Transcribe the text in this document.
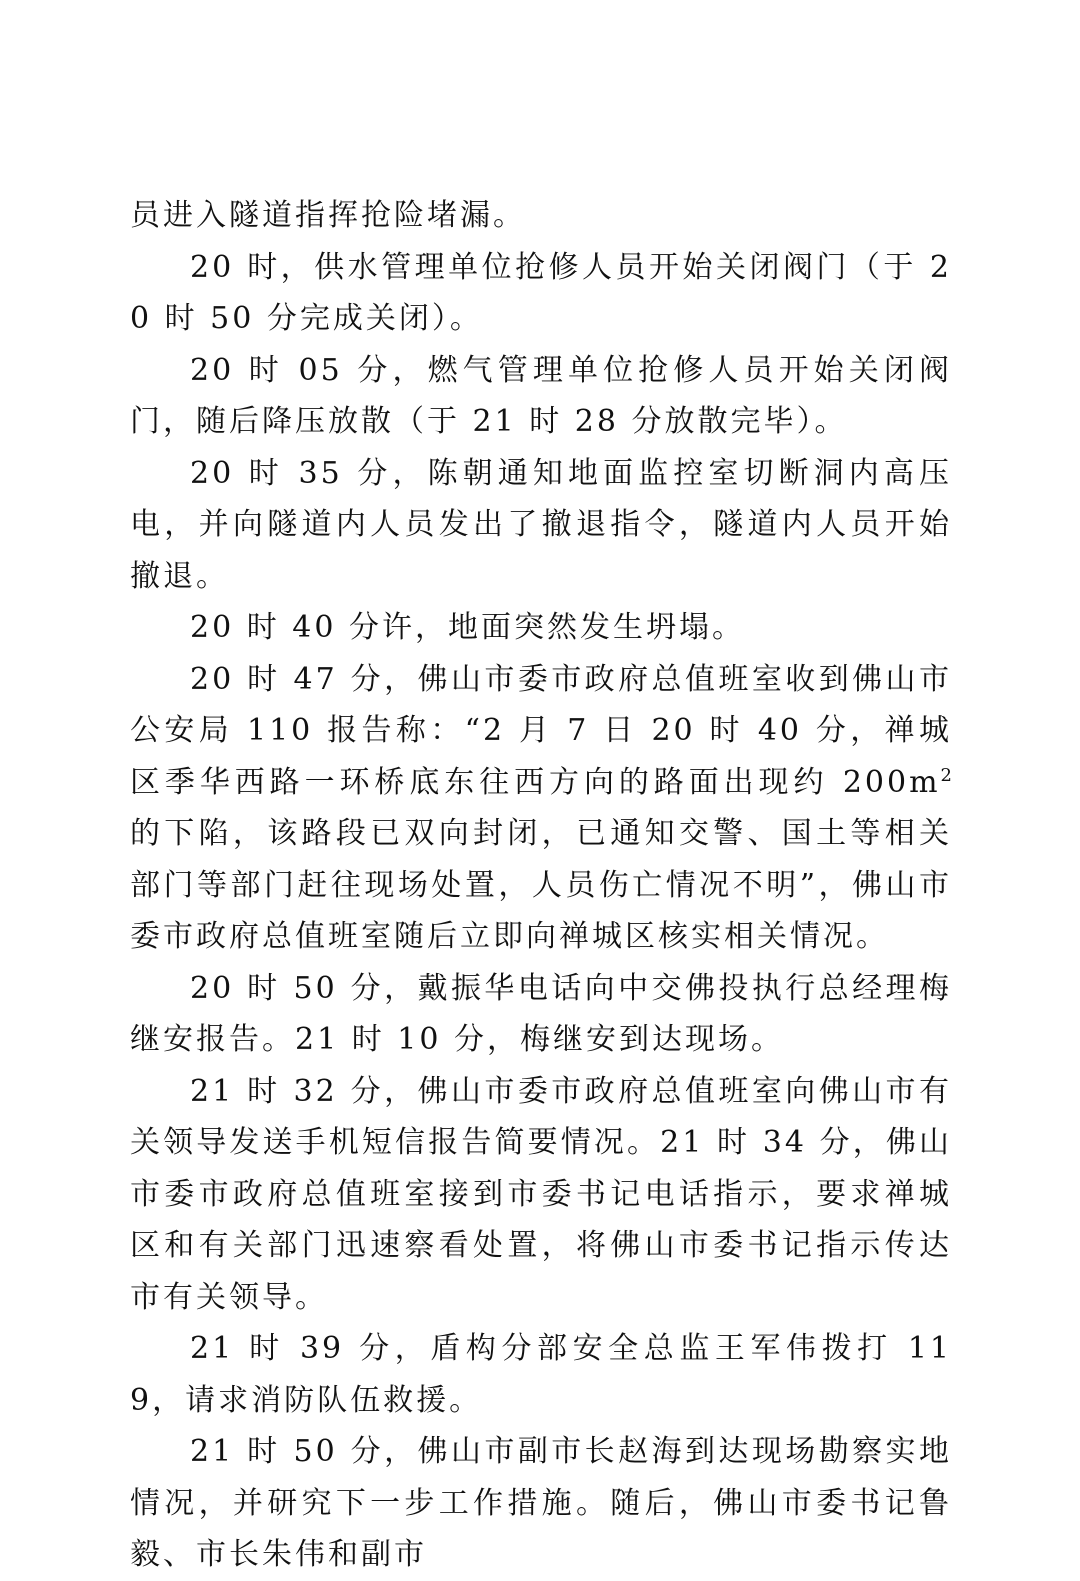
员进入隧道指挥抢险堵漏。

20 时，供水管理单位抢修人员开始关闭阀门（于 20 时 50 分完成关闭）。

20 时 05 分，燃气管理单位抢修人员开始关闭阀门，随后降压放散（于 21 时 28 分放散完毕）。

20 时 35 分，陈朝通知地面监控室切断洞内高压电，并向隧道内人员发出了撤退指令，隧道内人员开始撤退。

20 时 40 分许，地面突然发生坍塌。

20 时 47 分，佛山市委市政府总值班室收到佛山市公安局 110 报告称：“2 月 7 日 20 时 40 分，禅城区季华西路一环桥底东往西方向的路面出现约 $200m^2$ 的下陷，该路段已双向封闭，已通知交警、国土等相关部门等部门赶往现场处置，人员伤亡情况不明”，佛山市委市政府总值班室随后立即向禅城区核实相关情况。

20 时 50 分，戴振华电话向中交佛投执行总经理梅继安报告。21 时 10 分，梅继安到达现场。

21 时 32 分，佛山市委市政府总值班室向佛山市有关领导发送手机短信报告简要情况。21 时 34 分，佛山市委市政府总值班室接到市委书记电话指示，要求禅城区和有关部门迅速察看处置，将佛山市委书记指示传达市有关领导。

21 时 39 分，盾构分部安全总监王军伟拨打 119，请求消防队伍救援。

21 时 50 分，佛山市副市长赵海到达现场勘察实地情况，并研究下一步工作措施。随后，佛山市委书记鲁毅、市长朱伟和副市
